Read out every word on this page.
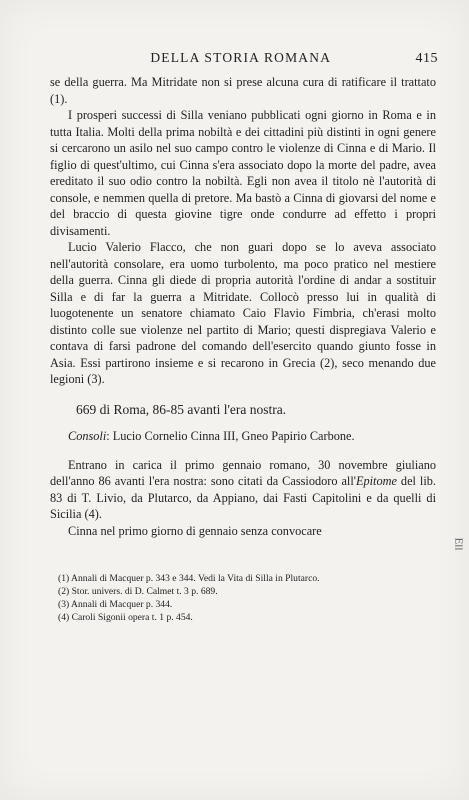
DELLA STORIA ROMANA	415

se della guerra. Ma Mitridate non si prese alcuna cura di ratificare il trattato (1).

I prosperi successi di Silla veniano pubblicati ogni giorno in Roma e in tutta Italia. Molti della prima nobiltà e dei cittadini più distinti in ogni genere si cercarono un asilo nel suo campo contro le violenze di Cinna e di Mario. Il figlio di quest'ultimo, cui Cinna s'era associato dopo la morte del padre, avea ereditato il suo odio contro la nobiltà. Egli non avea il titolo nè l'autorità di console, e nemmen quella di pretore. Ma bastò a Cinna di giovarsi del nome e del braccio di questa giovine tigre onde condurre ad effetto i propri divisamenti.

Lucio Valerio Flacco, che non guari dopo se lo aveva associato nell'autorità consolare, era uomo turbolento, ma poco pratico nel mestiere della guerra. Cinna gli diede di propria autorità l'ordine di andar a sostituir Silla e di far la guerra a Mitridate. Collocò presso lui in qualità di luogotenente un senatore chiamato Caio Flavio Fimbria, ch'erasi molto distinto colle sue violenze nel partito di Mario; questi dispregiava Valerio e contava di farsi padrone del comando dell'esercito quando giunto fosse in Asia. Essi partirono insieme e si recarono in Grecia (2), seco menando due legioni (3).

669 di Roma, 86-85 avanti l'era nostra.

Consoli: Lucio Cornelio Cinna III, Gneo Papirio Carbone.

Entrano in carica il primo gennaio romano, 30 novembre giuliano dell'anno 86 avanti l'era nostra: sono citati da Cassiodoro all'Epitome del lib. 83 di T. Livio, da Plutarco, da Appiano, dai Fasti Capitolini e da quelli di Sicilia (4).

Cinna nel primo giorno di gennaio senza convocare

(1) Annali di Macquer p. 343 e 344. Vedi la Vita di Silla in Plutarco.
(2) Stor. univers. di D. Calmet t. 3 p. 689.
(3) Annali di Macquer p. 344.
(4) Caroli Sigonii opera t. 1 p. 454.
Ell
